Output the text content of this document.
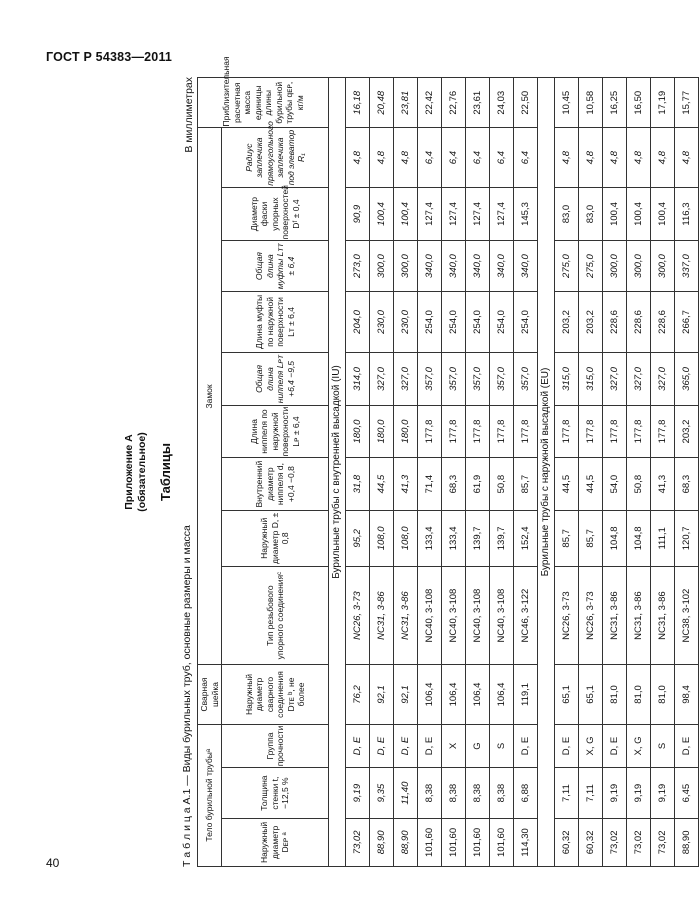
ГОСТ Р 54383—2011
40
Приложение А (обязательное) Таблицы
Т а б л и ц а А.1 — Виды бурильных труб, основные размеры и масса
В миллиметрах
Тело бурильной трубыᵃ			Сварная шейка	Замок									Приблизительная расчетная масса единицы длины бурильной трубы qᴇᴘ, кг/м
Наружный диаметр Dᴇᴘ ᵃ	Толщина стенки t, −12,5 %	Группа прочности	Наружный диаметр сварного соединения Dᴛᴇ ᵇ, не более	Тип резьбового упорного соединенияᶜ	Наружный диаметр D, ± 0,8	Внутренний диаметр ниппеля d, +0,4 −0,8	Длина ниппеля по наружной поверхности Lᴘ ± 6,4	Общая длина ниппеля Lᴘᴛ +6,4 −9,5	Длина муфты по наружной поверхности Lᴛ ± 6,4	Общая длина муфты Lᴛᴛ ± 6,4	Диаметр фаски упорных поверхностей Dᶠ ± 0,4	Радиус заплечика прямоугольного заплечика под элеватор R₁	
Бурильные трубы с внутренней высадкой (IU)													
73,02	9,19	D, E	76,2	NC26, 3-73	95,2	31,8	180,0	314,0	204,0	273,0	90,9	4,8	16,18
88,90	9,35	D, E	92,1	NC31, 3-86	108,0	44,5	180,0	327,0	230,0	300,0	100,4	4,8	20,48
88,90	11,40	D, E	92,1	NC31, 3-86	108,0	41,3	180,0	327,0	230,0	300,0	100,4	4,8	23,81
101,60	8,38	D, E	106,4	NC40, 3-108	133,4	71,4	177,8	357,0	254,0	340,0	127,4	6,4	22,42
101,60	8,38	X	106,4	NC40, 3-108	133,4	68,3	177,8	357,0	254,0	340,0	127,4	6,4	22,76
101,60	8,38	G	106,4	NC40, 3-108	139,7	61,9	177,8	357,0	254,0	340,0	127,4	6,4	23,61
101,60	8,38	S	106,4	NC40, 3-108	139,7	50,8	177,8	357,0	254,0	340,0	127,4	6,4	24,03
114,30	6,88	D, E	119,1	NC46, 3-122	152,4	85,7	177,8	357,0	254,0	340,0	145,3	6,4	22,50
Бурильные трубы с наружной высадкой (EU)													
60,32	7,11	D, E	65,1	NC26, 3-73	85,7	44,5	177,8	315,0	203,2	275,0	83,0	4,8	10,45
60,32	7,11	X, G	65,1	NC26, 3-73	85,7	44,5	177,8	315,0	203,2	275,0	83,0	4,8	10,58
73,02	9,19	D, E	81,0	NC31, 3-86	104,8	54,0	177,8	327,0	228,6	300,0	100,4	4,8	16,25
73,02	9,19	X, G	81,0	NC31, 3-86	104,8	50,8	177,8	327,0	228,6	300,0	100,4	4,8	16,50
73,02	9,19	S	81,0	NC31, 3-86	111,1	41,3	177,8	327,0	228,6	300,0	100,4	4,8	17,19
88,90	6,45	D, E	98,4	NC38, 3-102	120,7	68,3	203,2	365,0	266,7	337,0	116,3	4,8	15,77
